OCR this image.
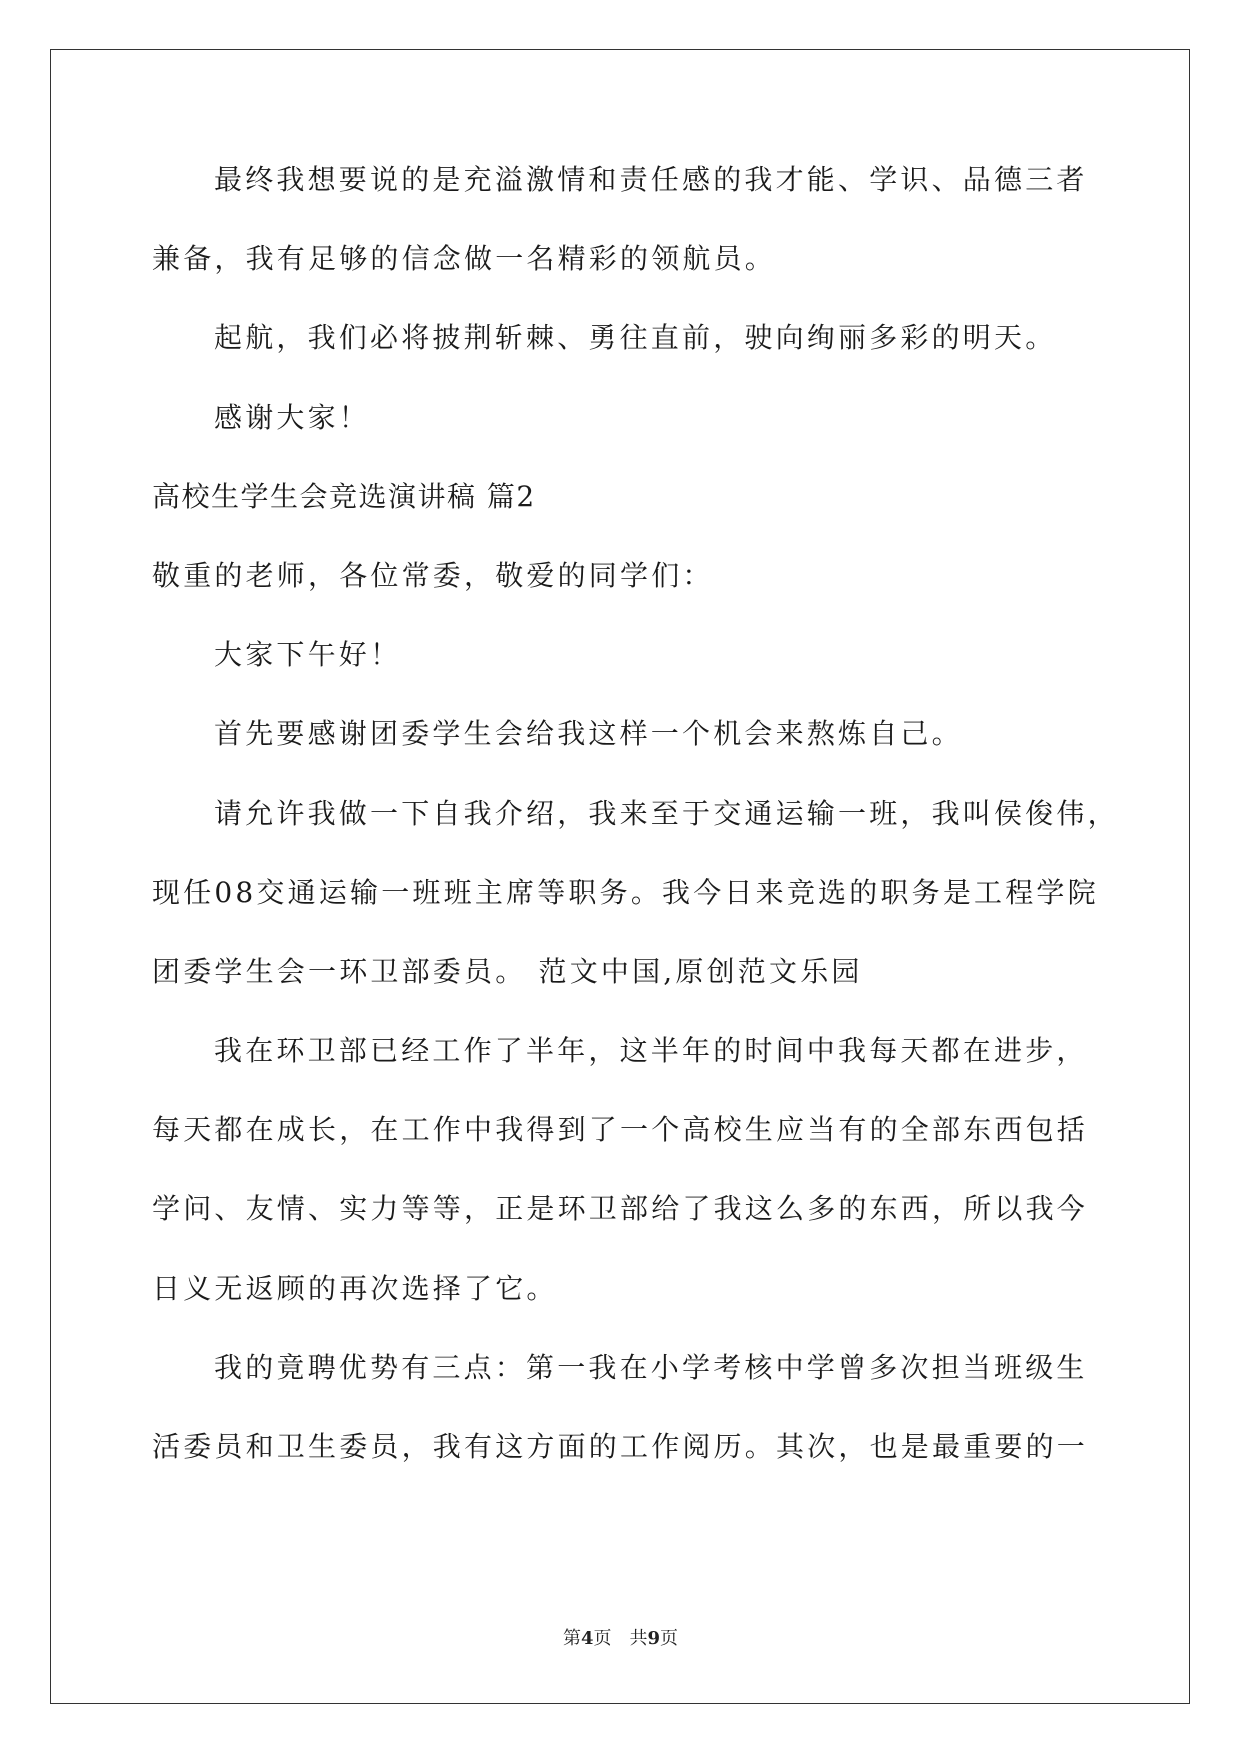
最终我想要说的是充溢激情和责任感的我才能、学识、品德三者
兼备，我有足够的信念做一名精彩的领航员。
起航，我们必将披荆斩棘、勇往直前，驶向绚丽多彩的明天。
感谢大家！
高校生学生会竞选演讲稿 篇2
敬重的老师，各位常委，敬爱的同学们：
大家下午好！
首先要感谢团委学生会给我这样一个机会来熬炼自己。
请允许我做一下自我介绍，我来至于交通运输一班，我叫侯俊伟，
现任08交通运输一班班主席等职务。我今日来竞选的职务是工程学院
团委学生会一环卫部委员。 范文中国,原创范文乐园
我在环卫部已经工作了半年，这半年的时间中我每天都在进步，
每天都在成长，在工作中我得到了一个高校生应当有的全部东西包括
学问、友情、实力等等，正是环卫部给了我这么多的东西，所以我今
日义无返顾的再次选择了它。
我的竟聘优势有三点：第一我在小学考核中学曾多次担当班级生
活委员和卫生委员，我有这方面的工作阅历。其次，也是最重要的一
第4页 共9页
